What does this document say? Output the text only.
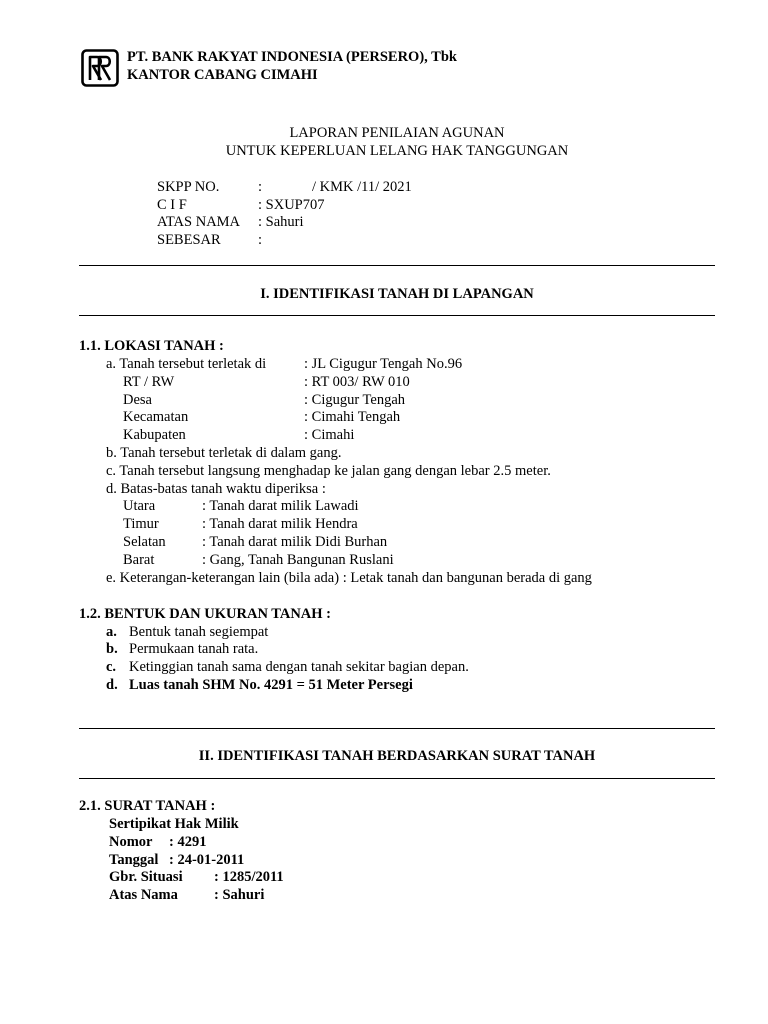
PT. BANK RAKYAT INDONESIA (PERSERO), Tbk
KANTOR CABANG CIMAHI
LAPORAN PENILAIAN AGUNAN
UNTUK KEPERLUAN LELANG HAK TANGGUNGAN
SKPP NO.	:	/ KMK /11/ 2021
C I F	: SXUP707
ATAS NAMA : Sahuri
SEBESAR	:
I. IDENTIFIKASI TANAH DI LAPANGAN
1.1. LOKASI TANAH :
a. Tanah tersebut terletak di	: JL Cigugur Tengah No.96
RT / RW	: RT 003/ RW 010
Desa	: Cigugur Tengah
Kecamatan	: Cimahi Tengah
Kabupaten	: Cimahi
b. Tanah tersebut terletak di dalam gang.
c. Tanah tersebut langsung menghadap ke jalan gang dengan lebar 2.5 meter.
d. Batas-batas tanah waktu diperiksa :
Utara	: Tanah darat milik Lawadi
Timur	: Tanah darat milik Hendra
Selatan	: Tanah darat milik Didi Burhan
Barat	: Gang, Tanah Bangunan Ruslani
e. Keterangan-keterangan lain (bila ada) : Letak tanah dan bangunan berada di gang
1.2. BENTUK DAN UKURAN TANAH :
a. Bentuk tanah segiempat
b. Permukaan tanah rata.
c. Ketinggian tanah sama dengan tanah sekitar bagian depan.
d. Luas tanah SHM No. 4291 = 51 Meter Persegi
II. IDENTIFIKASI TANAH BERDASARKAN SURAT TANAH
2.1. SURAT TANAH :
Sertipikat Hak Milik
Nomor : 4291
Tanggal : 24-01-2011
Gbr. Situasi : 1285/2011
Atas Nama : Sahuri
